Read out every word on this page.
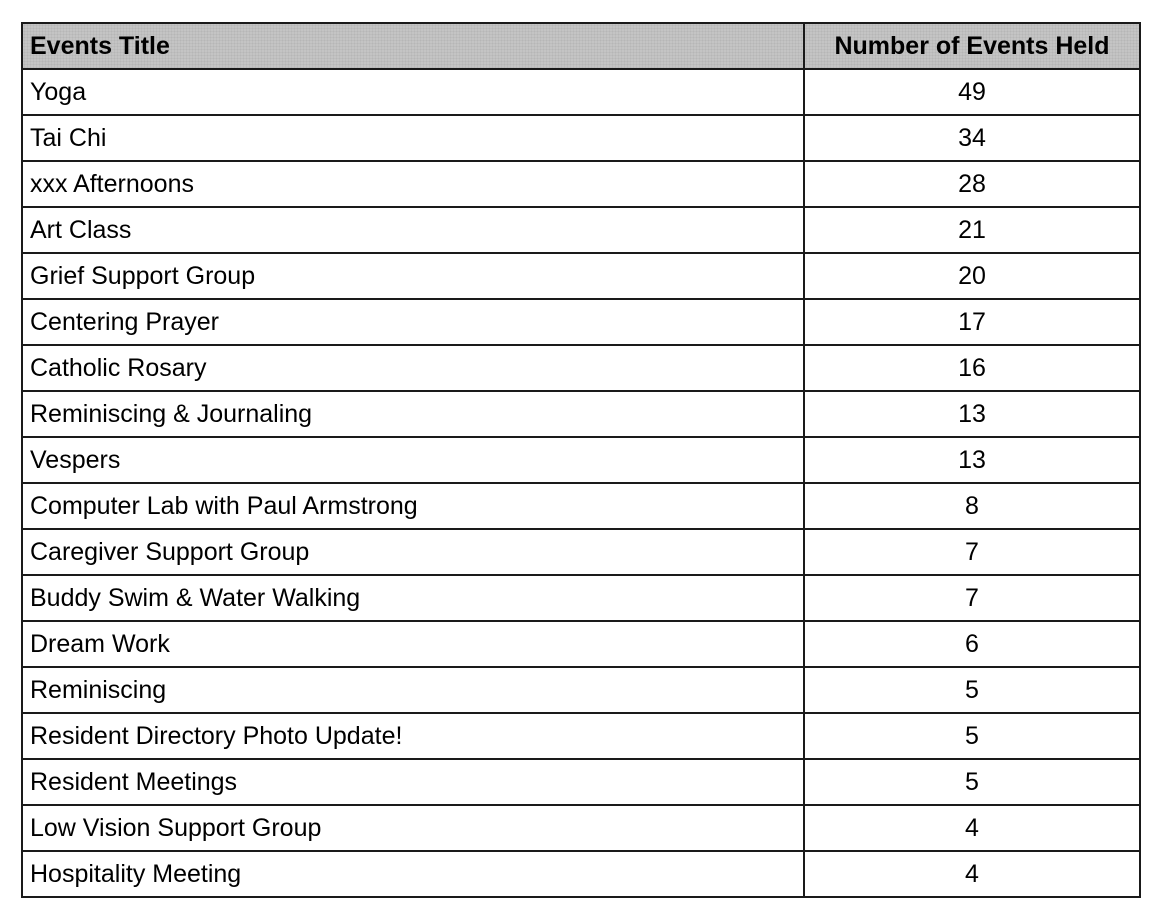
Events Title	Number of Events Held
Yoga	49
Tai Chi	34
xxx Afternoons	28
Art Class	21
Grief Support Group	20
Centering Prayer	17
Catholic Rosary	16
Reminiscing & Journaling	13
Vespers	13
Computer Lab with Paul Armstrong	8
Caregiver Support Group	7
Buddy Swim & Water Walking	7
Dream Work	6
Reminiscing	5
Resident Directory Photo Update!	5
Resident Meetings	5
Low Vision Support Group	4
Hospitality Meeting	4
